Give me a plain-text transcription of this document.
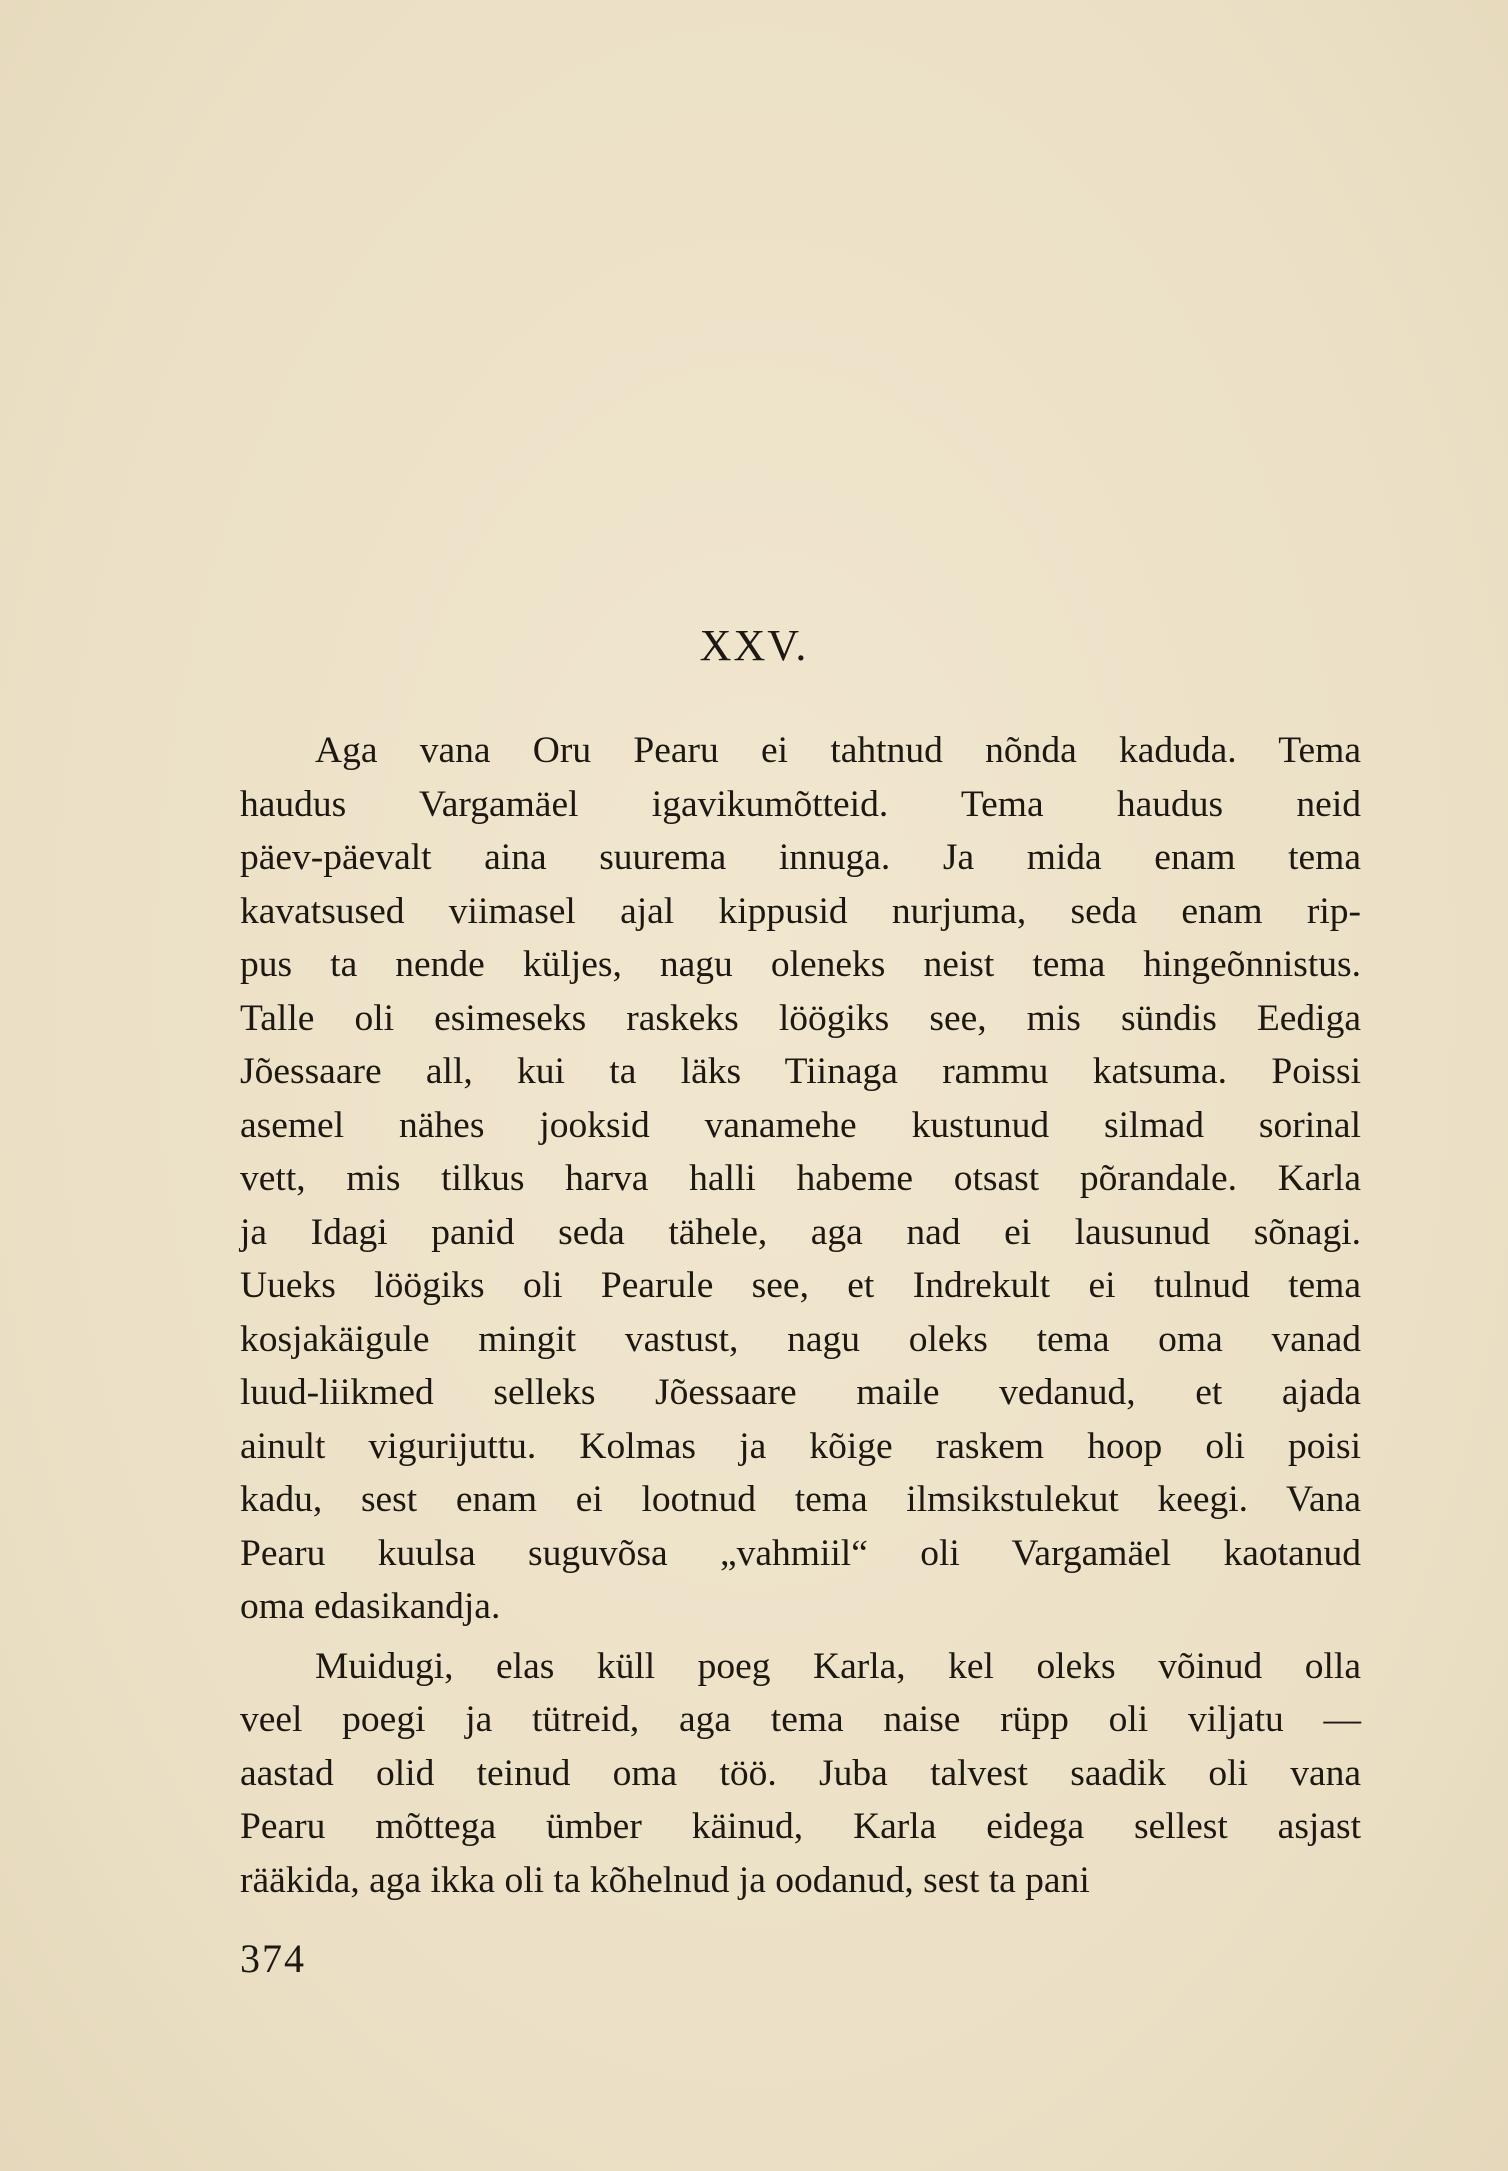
XXV.

Aga vana Oru Pearu ei tahtnud nõnda kaduda. Tema
haudus Vargamäel igavikumõtteid. Tema haudus neid
päev-päevalt aina suurema innuga. Ja mida enam tema
kavatsused viimasel ajal kippusid nurjuma, seda enam rip-
pus ta nende küljes, nagu oleneks neist tema hingeõnnistus.
Talle oli esimeseks raskeks löögiks see, mis sündis Eediga
Jõessaare all, kui ta läks Tiinaga rammu katsuma. Poissi
asemel nähes jooksid vanamehe kustunud silmad sorinal
vett, mis tilkus harva halli habeme otsast põrandale. Karla
ja Idagi panid seda tähele, aga nad ei lausunud sõnagi.
Uueks löögiks oli Pearule see, et Indrekult ei tulnud tema
kosjakäigule mingit vastust, nagu oleks tema oma vanad
luud-liikmed selleks Jõessaare maile vedanud, et ajada
ainult vigurijuttu. Kolmas ja kõige raskem hoop oli poisi
kadu, sest enam ei lootnud tema ilmsikstulekut keegi. Vana
Pearu kuulsa suguvõsa „vahmiil“ oli Vargamäel kaotanud
oma edasikandja.

Muidugi, elas küll poeg Karla, kel oleks võinud olla
veel poegi ja tütreid, aga tema naise rüpp oli viljatu —
aastad olid teinud oma töö. Juba talvest saadik oli vana
Pearu mõttega ümber käinud, Karla eidega sellest asjast
rääkida, aga ikka oli ta kõhelnud ja oodanud, sest ta pani

374
